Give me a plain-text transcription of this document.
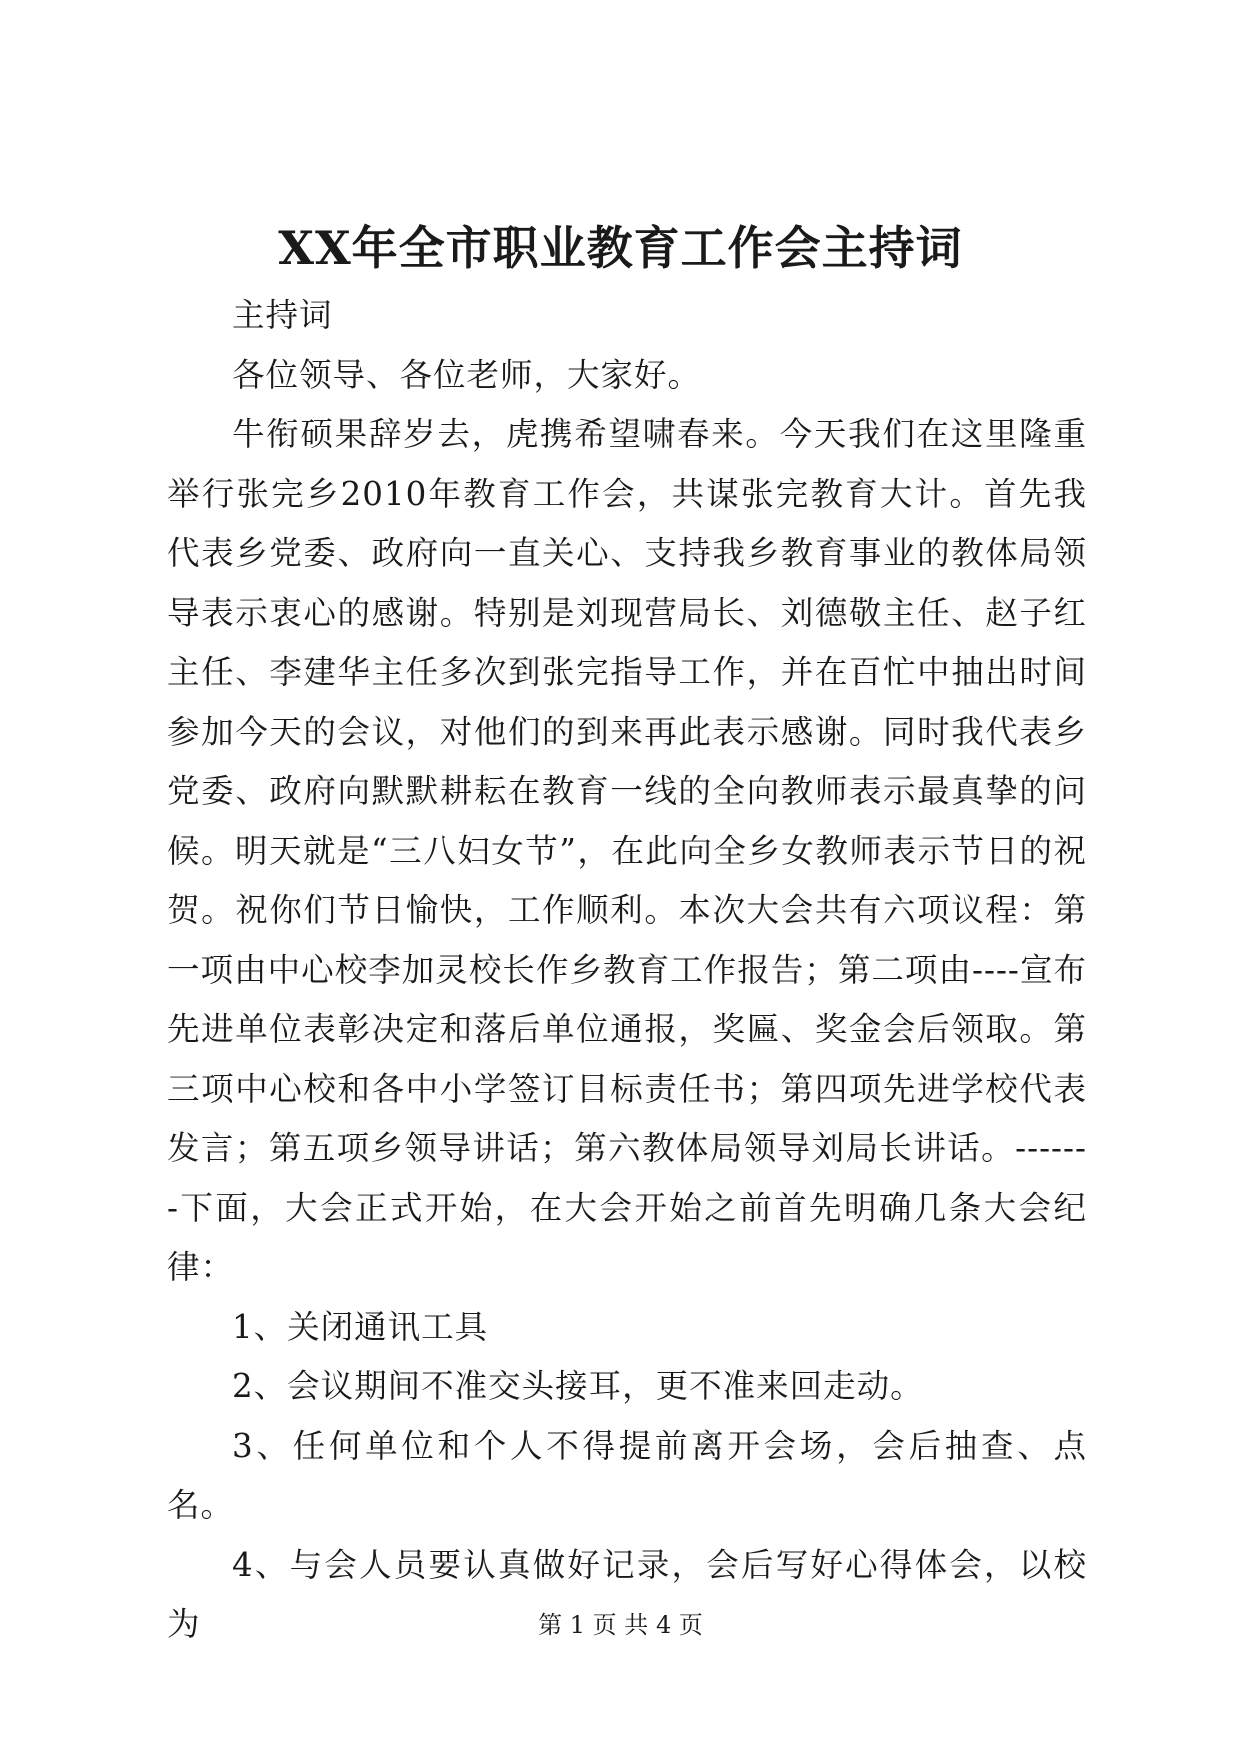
XX年全市职业教育工作会主持词

主持词

各位领导、各位老师，大家好。

牛衔硕果辞岁去，虎携希望啸春来。今天我们在这里隆重举行张完乡2010年教育工作会，共谋张完教育大计。首先我代表乡党委、政府向一直关心、支持我乡教育事业的教体局领导表示衷心的感谢。特别是刘现营局长、刘德敬主任、赵子红主任、李建华主任多次到张完指导工作，并在百忙中抽出时间参加今天的会议，对他们的到来再此表示感谢。同时我代表乡党委、政府向默默耕耘在教育一线的全向教师表示最真挚的问候。明天就是“三八妇女节”，在此向全乡女教师表示节日的祝贺。祝你们节日愉快，工作顺利。本次大会共有六项议程：第一项由中心校李加灵校长作乡教育工作报告；第二项由----宣布先进单位表彰决定和落后单位通报，奖匾、奖金会后领取。第三项中心校和各中小学签订目标责任书；第四项先进学校代表发言；第五项乡领导讲话；第六教体局领导刘局长讲话。-------下面，大会正式开始，在大会开始之前首先明确几条大会纪律：

1、关闭通讯工具

2、会议期间不准交头接耳，更不准来回走动。

3、任何单位和个人不得提前离开会场，会后抽查、点名。

4、与会人员要认真做好记录，会后写好心得体会，以校为	第 1 页 共 4 页
